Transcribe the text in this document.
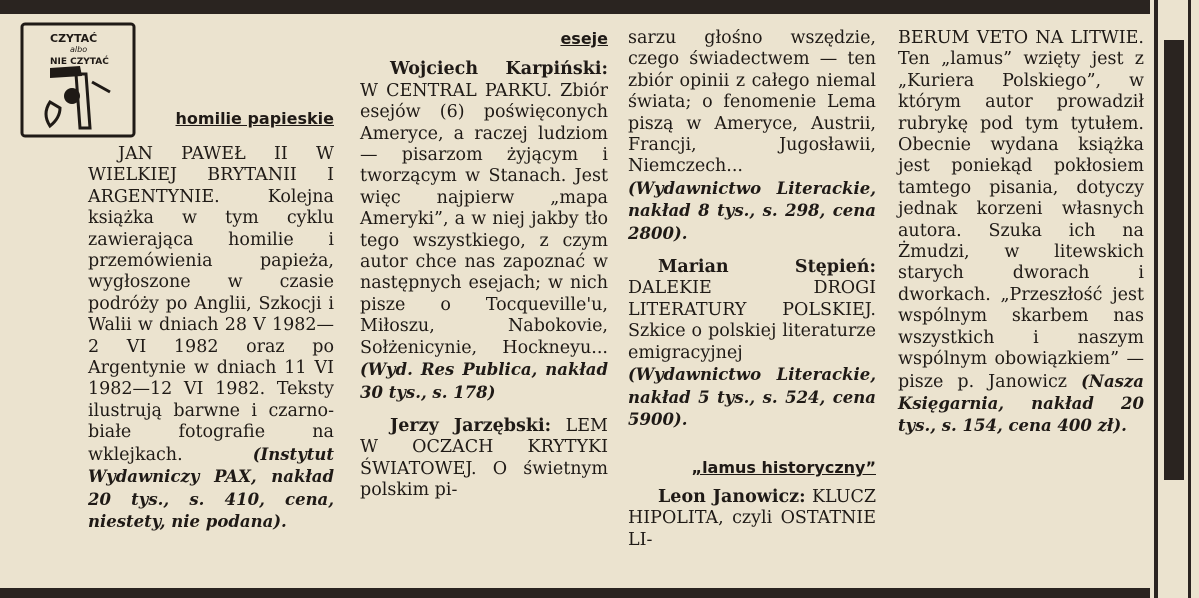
CZYTAĆ
albo
NIE CZYTAĆ

homilie papieskie

JAN PAWEŁ II W WIELKIEJ BRYTANII I ARGENTYNIE. Kolejna książka w tym cyklu zawierająca homilie i przemówienia papieża, wygłoszone w czasie podróży po Anglii, Szkocji i Walii w dniach 28 V 1982—2 VI 1982 oraz po Argentynie w dniach 11 VI 1982—12 VI 1982. Teksty ilustrują barwne i czarno-białe fotografie na wklejkach.	(Instytut Wydawniczy PAX, nakład 20 tys., s. 410, cena, niestety, nie podana).

eseje

Wojciech Karpiński: W CENTRAL PARKU. Zbiór esejów (6) poświęconych Ameryce, a raczej ludziom — pisarzom żyjącym i tworzącym w Stanach. Jest więc najpierw „mapa Ameryki”, a w niej jakby tło tego wszystkiego, z czym autor chce nas zapoznać w następnych esejach; w nich pisze o Tocqueville'u, Miłoszu, Nabokovie, Sołżenicynie, Hockneyu... (Wyd. Res Publica, nakład 30 tys., s. 178)

Jerzy Jarzębski: LEM W OCZACH KRYTYKI ŚWIATOWEJ. O świetnym polskim pi-

sarzu głośno wszędzie, czego świadectwem — ten zbiór opinii z całego niemal świata; o fenomenie Lema piszą w Ameryce, Austrii, Francji, Jugosławii, Niemczech... (Wydawnictwo Literackie, nakład 8 tys., s. 298, cena 2800).

Marian Stępień: DALEKIE DROGI LITERATURY POLSKIEJ. Szkice o polskiej literaturze emigracyjnej (Wydawnictwo Literackie, nakład 5 tys., s. 524, cena 5900).

„lamus historyczny”

Leon Janowicz: KLUCZ HIPOLITA, czyli OSTATNIE LI-

BERUM VETO NA LITWIE. Ten „lamus” wzięty jest z „Kuriera Polskiego”, w którym autor prowadził rubrykę pod tym tytułem. Obecnie wydana książka jest poniekąd pokłosiem tamtego pisania, dotyczy jednak korzeni własnych autora. Szuka ich na Żmudzi, w litewskich starych dworach i dworkach. „Przeszłość jest wspólnym skarbem nas wszystkich i naszym wspólnym obowiązkiem” — pisze p. Janowicz (Nasza Księgarnia, nakład 20 tys., s. 154, cena 400 zł).
